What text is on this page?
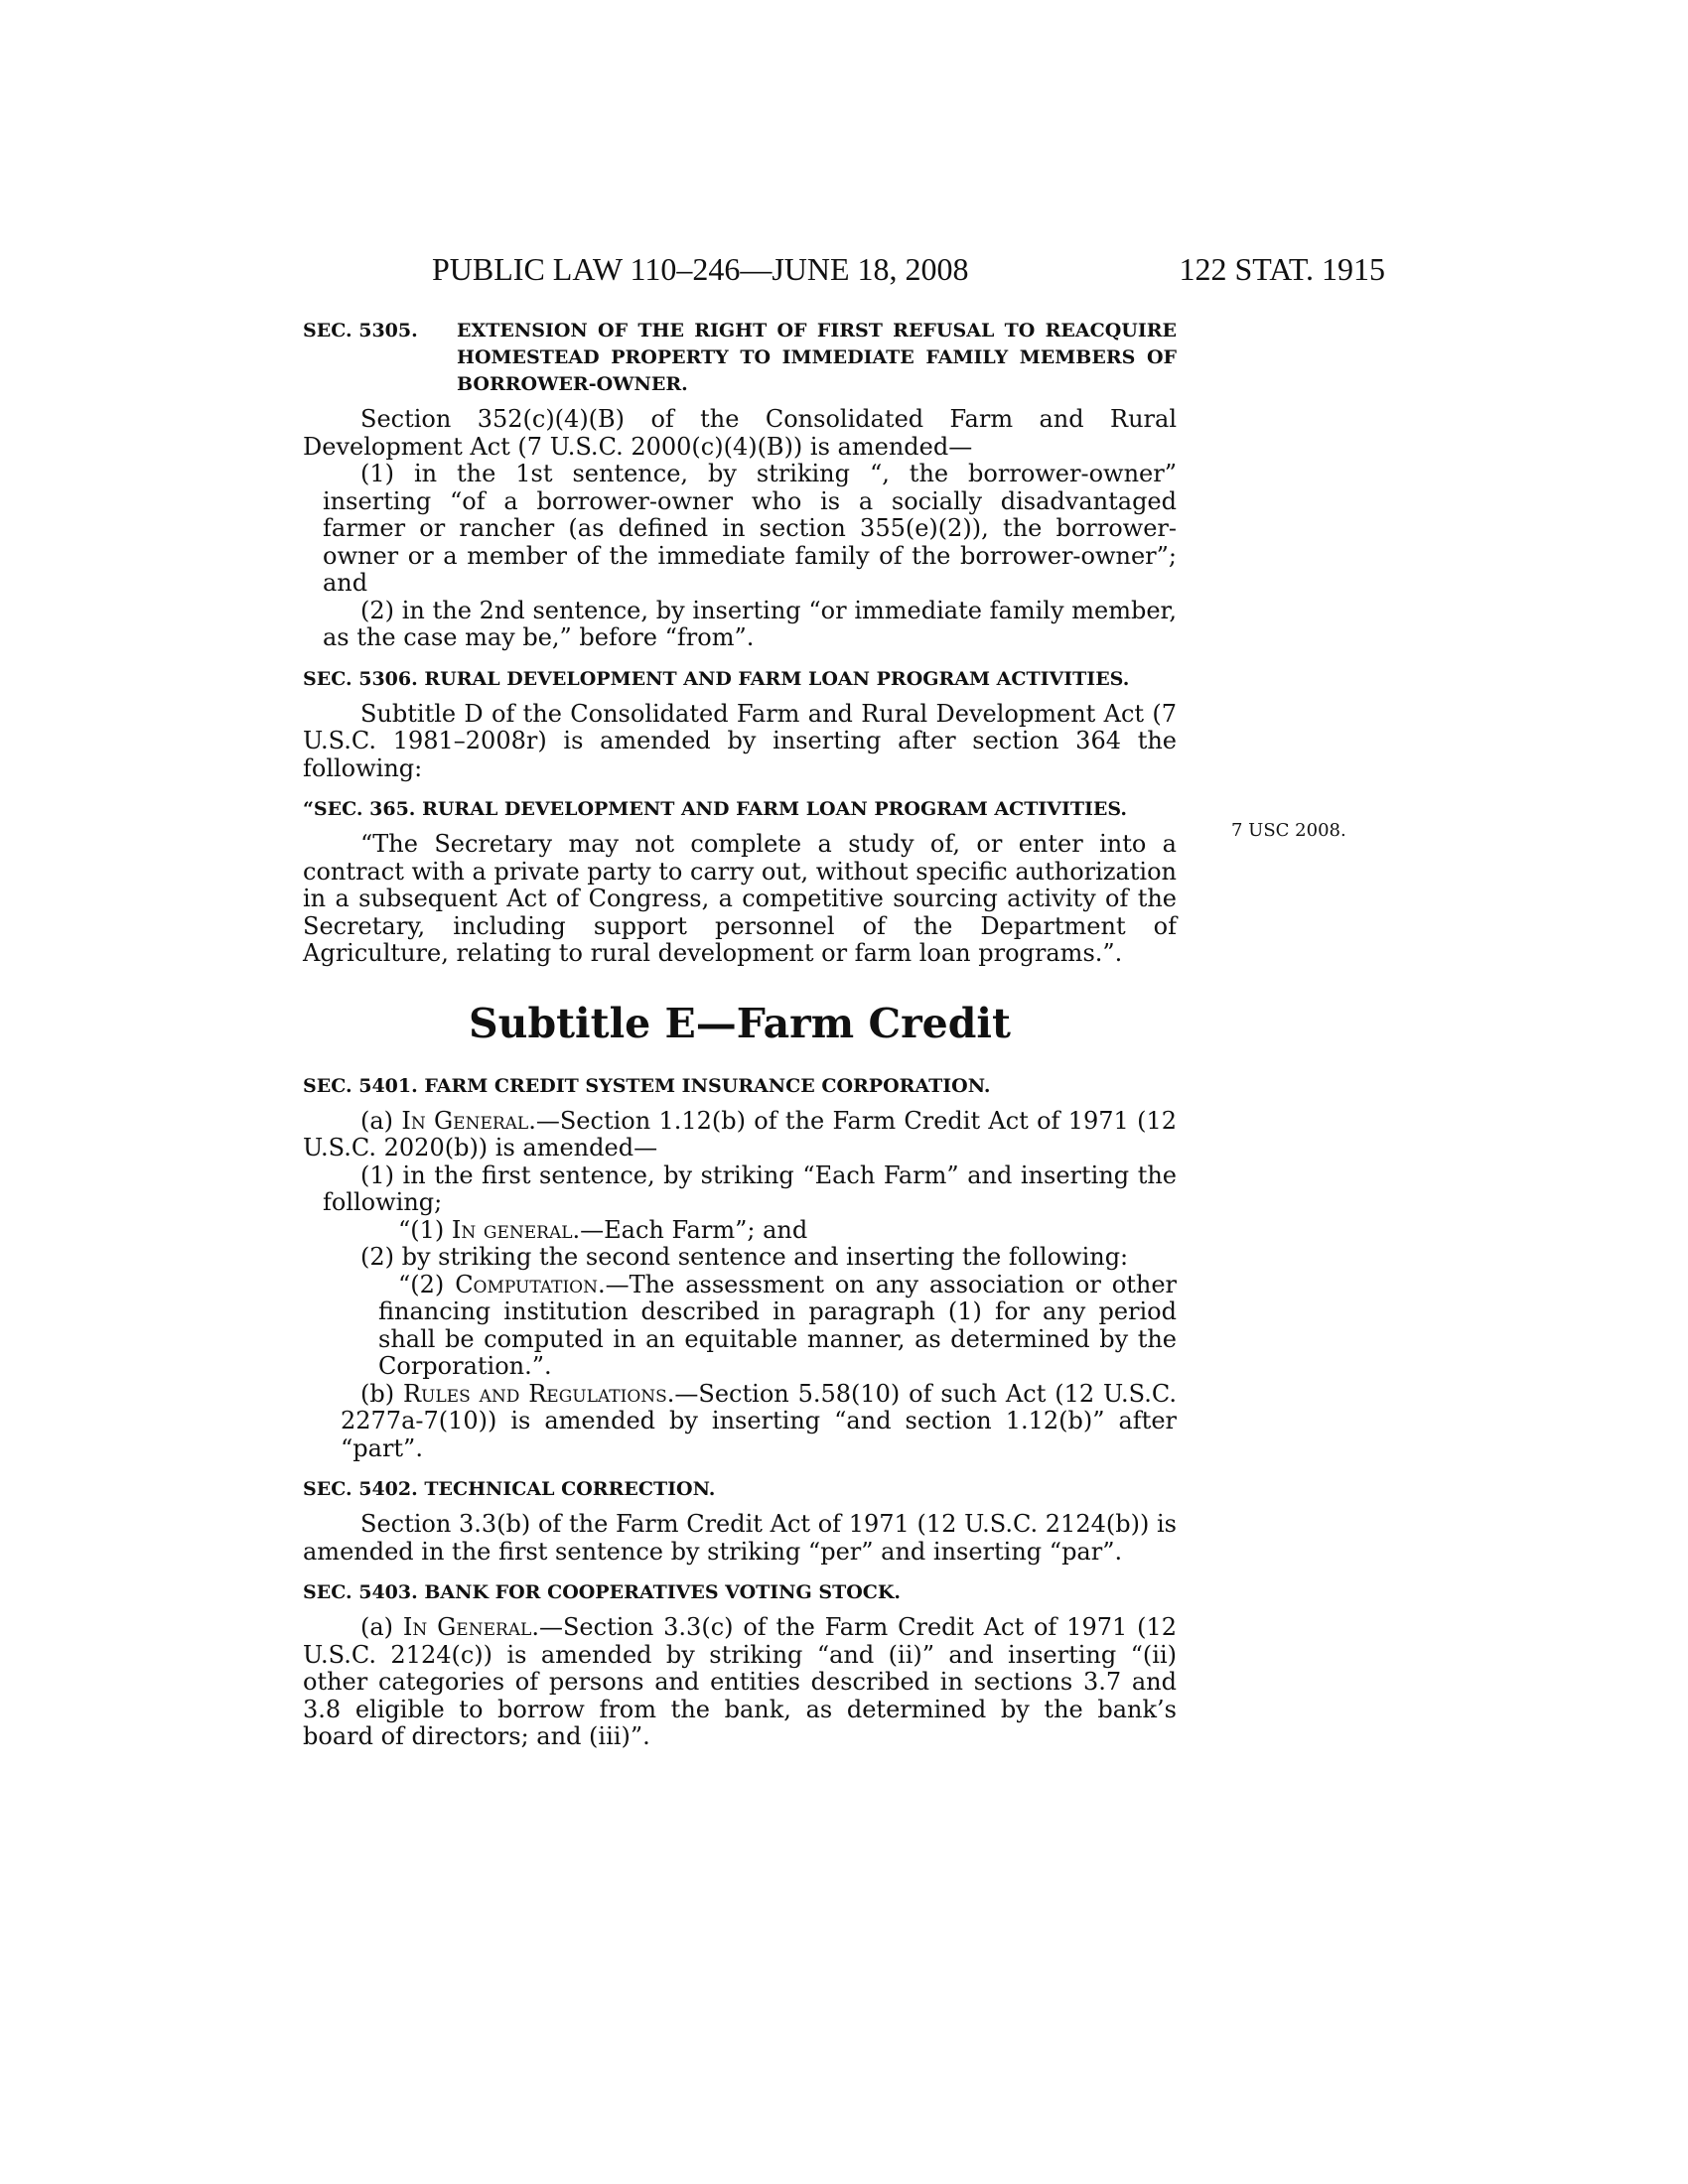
PUBLIC LAW 110–246—JUNE 18, 2008	122 STAT. 1915
7 USC 2008.

SEC. 5305. EXTENSION OF THE RIGHT OF FIRST REFUSAL TO REACQUIRE HOMESTEAD PROPERTY TO IMMEDIATE FAMILY MEMBERS OF BORROWER-OWNER.

Section 352(c)(4)(B) of the Consolidated Farm and Rural Development Act (7 U.S.C. 2000(c)(4)(B)) is amended—

(1) in the 1st sentence, by striking “, the borrower-owner” inserting “of a borrower-owner who is a socially disadvantaged farmer or rancher (as defined in section 355(e)(2)), the borrower-owner or a member of the immediate family of the borrower-owner”; and

(2) in the 2nd sentence, by inserting “or immediate family member, as the case may be,” before “from”.

SEC. 5306. RURAL DEVELOPMENT AND FARM LOAN PROGRAM ACTIVITIES.

Subtitle D of the Consolidated Farm and Rural Development Act (7 U.S.C. 1981–2008r) is amended by inserting after section 364 the following:

“SEC. 365. RURAL DEVELOPMENT AND FARM LOAN PROGRAM ACTIVITIES.

“The Secretary may not complete a study of, or enter into a contract with a private party to carry out, without specific authorization in a subsequent Act of Congress, a competitive sourcing activity of the Secretary, including support personnel of the Department of Agriculture, relating to rural development or farm loan programs.”.

Subtitle E—Farm Credit

SEC. 5401. FARM CREDIT SYSTEM INSURANCE CORPORATION.

(a) In General.—Section 1.12(b) of the Farm Credit Act of 1971 (12 U.S.C. 2020(b)) is amended—

(1) in the first sentence, by striking “Each Farm” and inserting the following;

“(1) In general.—Each Farm”; and

(2) by striking the second sentence and inserting the following:

“(2) Computation.—The assessment on any association or other financing institution described in paragraph (1) for any period shall be computed in an equitable manner, as determined by the Corporation.”.

(b) Rules and Regulations.—Section 5.58(10) of such Act (12 U.S.C. 2277a-7(10)) is amended by inserting “and section 1.12(b)” after “part”.

SEC. 5402. TECHNICAL CORRECTION.

Section 3.3(b) of the Farm Credit Act of 1971 (12 U.S.C. 2124(b)) is amended in the first sentence by striking “per” and inserting “par”.

SEC. 5403. BANK FOR COOPERATIVES VOTING STOCK.

(a) In General.—Section 3.3(c) of the Farm Credit Act of 1971 (12 U.S.C. 2124(c)) is amended by striking “and (ii)” and inserting “(ii) other categories of persons and entities described in sections 3.7 and 3.8 eligible to borrow from the bank, as determined by the bank’s board of directors; and (iii)”.
